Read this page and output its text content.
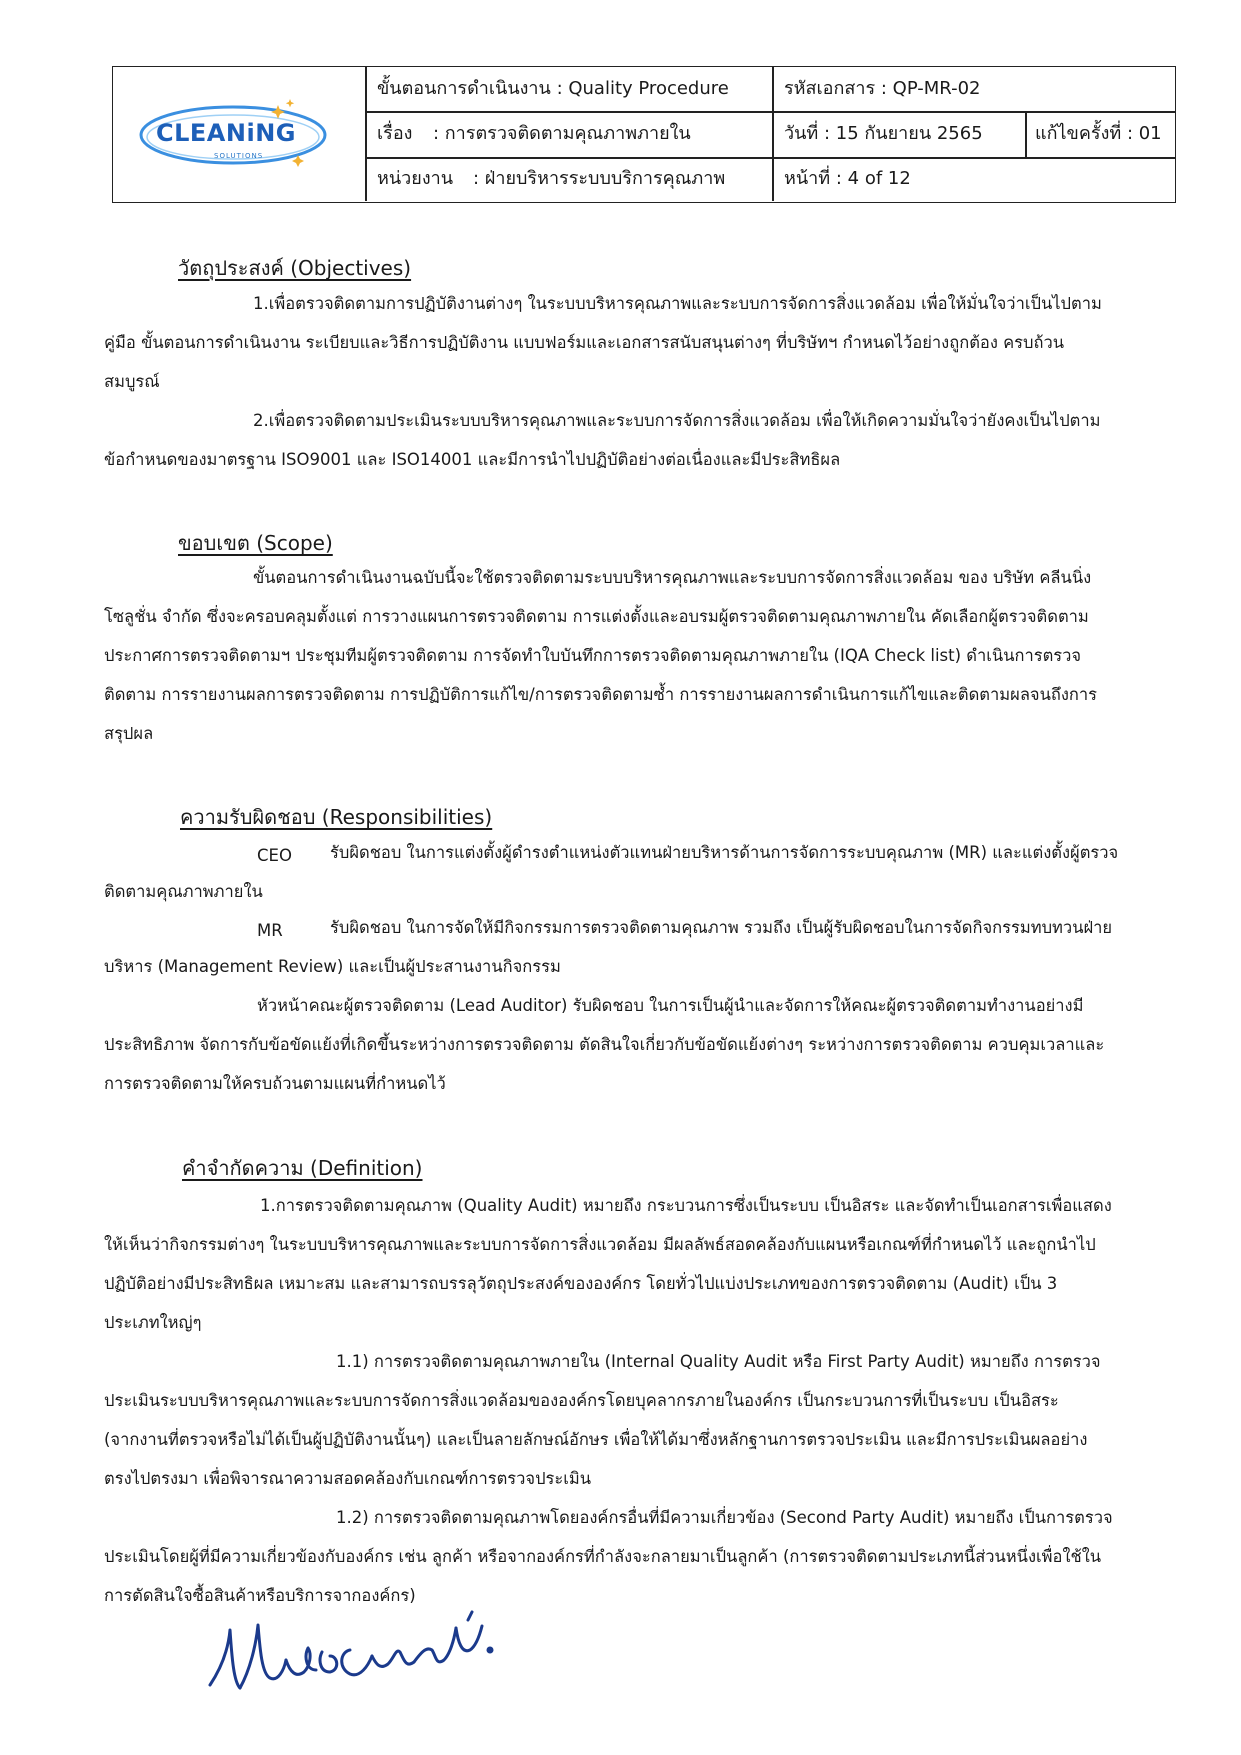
CLEANiNG
SOLUTIONS
ขั้นตอนการดำเนินงาน : Quality Procedure	รหัสเอกสาร : QP-MR-02
เรื่อง : การตรวจติดตามคุณภาพภายใน	วันที่ : 15 กันยายน 2565	แก้ไขครั้งที่ : 01
หน่วยงาน : ฝ่ายบริหารระบบบริการคุณภาพ	หน้าที่ : 4 of 12
วัตถุประสงค์ (Objectives)
1.เพื่อตรวจติดตามการปฏิบัติงานต่างๆ ในระบบบริหารคุณภาพและระบบการจัดการสิ่งแวดล้อม เพื่อให้มั่นใจว่าเป็นไปตาม
คู่มือ ขั้นตอนการดำเนินงาน ระเบียบและวิธีการปฏิบัติงาน แบบฟอร์มและเอกสารสนับสนุนต่างๆ ที่บริษัทฯ กำหนดไว้อย่างถูกต้อง ครบถ้วน
สมบูรณ์
2.เพื่อตรวจติดตามประเมินระบบบริหารคุณภาพและระบบการจัดการสิ่งแวดล้อม เพื่อให้เกิดความมั่นใจว่ายังคงเป็นไปตาม
ข้อกำหนดของมาตรฐาน ISO9001 และ ISO14001 และมีการนำไปปฏิบัติอย่างต่อเนื่องและมีประสิทธิผล
ขอบเขต (Scope)
ขั้นตอนการดำเนินงานฉบับนี้จะใช้ตรวจติดตามระบบบริหารคุณภาพและระบบการจัดการสิ่งแวดล้อม ของ บริษัท คลีนนิ่ง
โซลูชั่น จำกัด ซึ่งจะครอบคลุมตั้งแต่ การวางแผนการตรวจติดตาม การแต่งตั้งและอบรมผู้ตรวจติดตามคุณภาพภายใน คัดเลือกผู้ตรวจติดตาม
ประกาศการตรวจติดตามฯ ประชุมทีมผู้ตรวจติดตาม การจัดทำใบบันทึกการตรวจติดตามคุณภาพภายใน (IQA Check list) ดำเนินการตรวจ
ติดตาม การรายงานผลการตรวจติดตาม การปฏิบัติการแก้ไข/การตรวจติดตามซ้ำ การรายงานผลการดำเนินการแก้ไขและติดตามผลจนถึงการ
สรุปผล
ความรับผิดชอบ (Responsibilities)
CEO รับผิดชอบ ในการแต่งตั้งผู้ดำรงตำแหน่งตัวแทนฝ่ายบริหารด้านการจัดการระบบคุณภาพ (MR) และแต่งตั้งผู้ตรวจ
ติดตามคุณภาพภายใน
MR	รับผิดชอบ ในการจัดให้มีกิจกรรมการตรวจติดตามคุณภาพ รวมถึง เป็นผู้รับผิดชอบในการจัดกิจกรรมทบทวนฝ่าย
บริหาร (Management Review) และเป็นผู้ประสานงานกิจกรรม
หัวหน้าคณะผู้ตรวจติดตาม (Lead Auditor) รับผิดชอบ ในการเป็นผู้นำและจัดการให้คณะผู้ตรวจติดตามทำงานอย่างมี
ประสิทธิภาพ จัดการกับข้อขัดแย้งที่เกิดขึ้นระหว่างการตรวจติดตาม ตัดสินใจเกี่ยวกับข้อขัดแย้งต่างๆ ระหว่างการตรวจติดตาม ควบคุมเวลาและ
การตรวจติดตามให้ครบถ้วนตามแผนที่กำหนดไว้
คำจำกัดความ (Definition)
1.การตรวจติดตามคุณภาพ (Quality Audit) หมายถึง กระบวนการซึ่งเป็นระบบ เป็นอิสระ และจัดทำเป็นเอกสารเพื่อแสดง
ให้เห็นว่ากิจกรรมต่างๆ ในระบบบริหารคุณภาพและระบบการจัดการสิ่งแวดล้อม มีผลลัพธ์สอดคล้องกับแผนหรือเกณฑ์ที่กำหนดไว้ และถูกนำไป
ปฏิบัติอย่างมีประสิทธิผล เหมาะสม และสามารถบรรลุวัตถุประสงค์ขององค์กร โดยทั่วไปแบ่งประเภทของการตรวจติดตาม (Audit) เป็น 3
ประเภทใหญ่ๆ
1.1) การตรวจติดตามคุณภาพภายใน (Internal Quality Audit หรือ First Party Audit) หมายถึง การตรวจ
ประเมินระบบบริหารคุณภาพและระบบการจัดการสิ่งแวดล้อมขององค์กรโดยบุคลากรภายในองค์กร เป็นกระบวนการที่เป็นระบบ เป็นอิสระ
(จากงานที่ตรวจหรือไม่ได้เป็นผู้ปฏิบัติงานนั้นๆ) และเป็นลายลักษณ์อักษร เพื่อให้ได้มาซึ่งหลักฐานการตรวจประเมิน และมีการประเมินผลอย่าง
ตรงไปตรงมา เพื่อพิจารณาความสอดคล้องกับเกณฑ์การตรวจประเมิน
1.2) การตรวจติดตามคุณภาพโดยองค์กรอื่นที่มีความเกี่ยวข้อง (Second Party Audit) หมายถึง เป็นการตรวจ
ประเมินโดยผู้ที่มีความเกี่ยวข้องกับองค์กร เช่น ลูกค้า หรือจากองค์กรที่กำลังจะกลายมาเป็นลูกค้า (การตรวจติดตามประเภทนี้ส่วนหนึ่งเพื่อใช้ใน
การตัดสินใจซื้อสินค้าหรือบริการจากองค์กร)
